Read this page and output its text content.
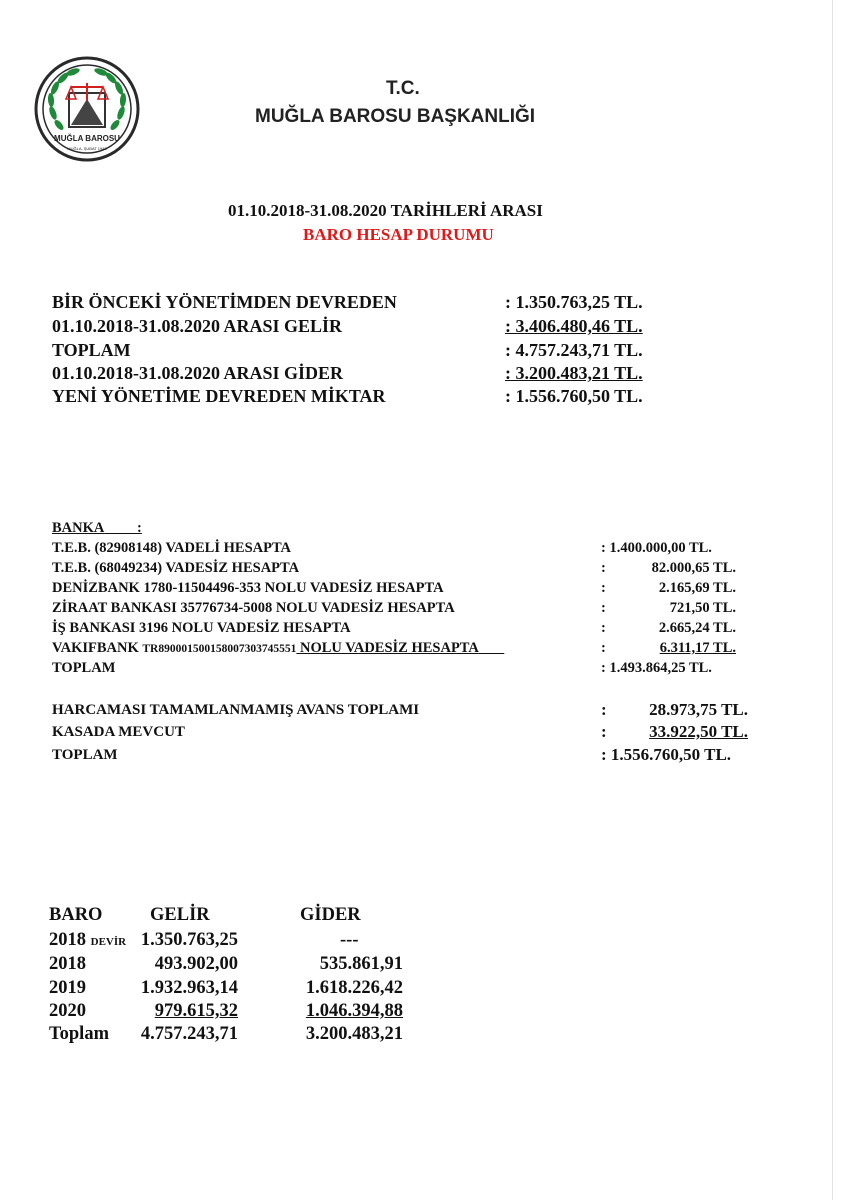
MUĞLA BAROSU
MUĞLA, ŞUBAT 1943
T.C.
MUĞLA BAROSU BAŞKANLIĞI
01.10.2018-31.08.2020 TARİHLERİ ARASI
BARO HESAP DURUMU
BİR ÖNCEKİ YÖNETİMDEN DEVREDEN	: 1.350.763,25 TL.
01.10.2018-31.08.2020 ARASI GELİR	: 3.406.480,46 TL.
TOPLAM	: 4.757.243,71 TL.
01.10.2018-31.08.2020 ARASI GİDER	: 3.200.483,21 TL.
YENİ YÖNETİME DEVREDEN MİKTAR	: 1.556.760,50 TL.
BANKA :
T.E.B. (82908148) VADELİ HESAPTA	: 1.400.000,00 TL.
T.E.B. (68049234) VADESİZ HESAPTA	:	82.000,65 TL.
DENİZBANK 1780-11504496-353 NOLU VADESİZ HESAPTA	:	2.165,69 TL.
ZİRAAT BANKASI 35776734-5008 NOLU VADESİZ HESAPTA	:	721,50 TL.
İŞ BANKASI 3196 NOLU VADESİZ HESAPTA	:	2.665,24 TL.
VAKIFBANK TR89000150015800730374555​1 NOLU VADESİZ HESAPTA	:	6.311,17 TL.
TOPLAM	: 1.493.864,25 TL.
HARCAMASI TAMAMLANMAMIŞ AVANS TOPLAMI	: 28.973,75 TL.
KASADA MEVCUT	: 33.922,50 TL.
TOPLAM	: 1.556.760,50 TL.
BARO	GELİR	GİDER
2018 DEVİR 1.350.763,25	---
2018	493.902,00	535.861,91
2019	1.932.963,14	1.618.226,42
2020	979.615,32	1.046.394,88
Toplam 4.757.243,71	3.200.483,21
